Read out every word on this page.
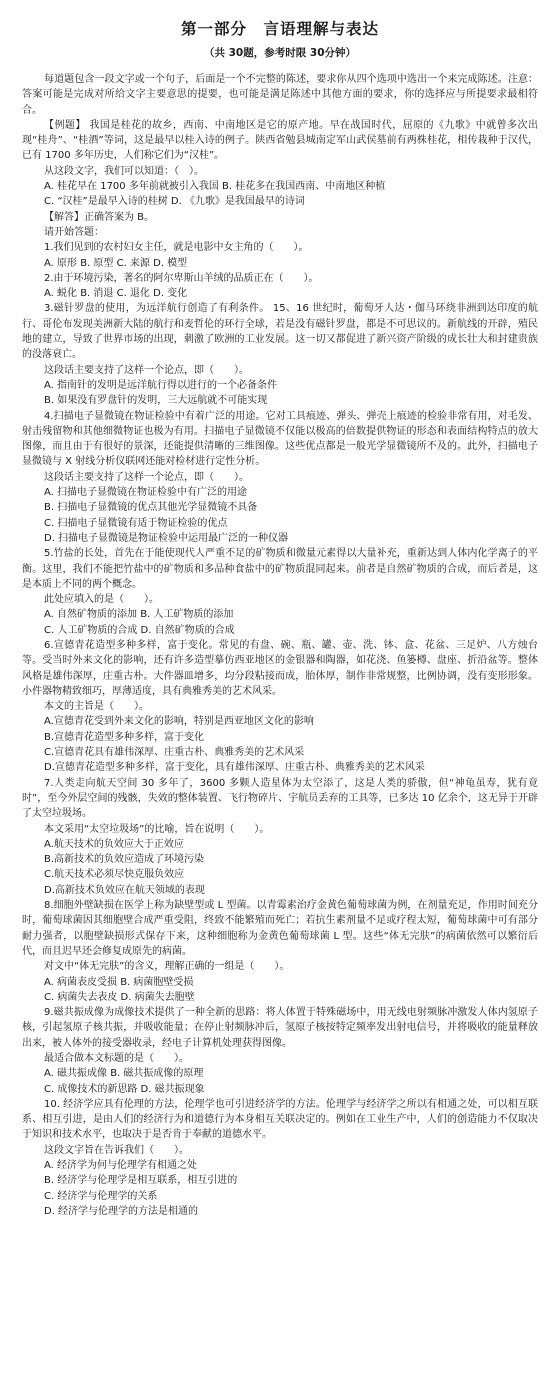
第一部分　言语理解与表达
（共 30题，参考时限 30分钟）

每道题包含一段文字或一个句子，后面是一个不完整的陈述，要求你从四个选项中选出一个来完成陈述。注意：答案可能是完成对所给文字主要意思的提要，也可能是满足陈述中其他方面的要求，你的选择应与所提要求最相符合。

【例题】 我国是桂花的故乡，西南、中南地区是它的原产地。早在战国时代，屈原的《九歌》中就曾多次出现“桂舟”、“桂酒”等词，这是最早以桂入诗的例子。陕西省勉县城南定军山武侯墓前有两株桂花，相传栽种于汉代，已有 1700 多年历史，人们称它们为“汉桂”。

从这段文字，我们可以知道：（　）。

A. 桂花早在 1700 多年前就被引入我国 B. 桂花多在我国西南、中南地区种植

C. “汉桂”是最早入诗的桂树 D. 《九歌》是我国最早的诗词

【解答】正确答案为 B。

请开始答题：

1.我们见到的农村妇女主任，就是电影中女主角的（　　）。

A. 原形 B. 原型 C. 来源 D. 模型

2.由于环境污染，著名的阿尔卑斯山羊绒的品质正在（　　）。

A. 蜕化 B. 消退 C. 退化 D. 变化

3.磁针罗盘的使用，为远洋航行创造了有利条件。 15、16 世纪时，葡萄牙人达・伽马环绕非洲到达印度的航行、哥伦布发现美洲新大陆的航行和麦哲伦的环行全球，若是没有磁针罗盘，都是不可思议的。新航线的开辟，殖民地的建立，导致了世界市场的出现，刺激了欧洲的工业发展。这一切又都促进了新兴资产阶级的成长壮大和封建贵族的没落衰亡。

这段话主要支持了这样一个论点，即（　　）。

A. 指南针的发明是远洋航行得以进行的一个必备条件

B. 如果没有罗盘针的发明，三大远航就不可能实现

4.扫描电子显微镜在物证检验中有着广泛的用途。它对工具痕迹、弹头、弹壳上痕迹的检验非常有用，对毛发、射击残留物和其他细微物证也极为有用。扫描电子显微镜不仅能以极高的倍数提供物证的形态和表面结构特点的放大图像，而且由于有很好的景深，还能提供清晰的三维图像。这些优点都是一般光学显微镜所不及的。此外，扫描电子显微镜与 X 射线分析仪联网还能对检材进行定性分析。

这段话主要支持了这样一个论点，即（　　）。

A. 扫描电子显微镜在物证检验中有广泛的用途

B. 扫描电子显微镜的优点其他光学显微镜不具备

C. 扫描电子显微镜有适于物证检验的优点

D. 扫描电子显微镜是物证检验中运用最广泛的一种仪器

5.竹盐的长处，首先在于能使现代人严重不足的矿物质和微量元素得以大量补充，重新达到人体内化学离子的平衡。这里，我们不能把竹盐中的矿物质和多品种食盐中的矿物质混同起来。前者是自然矿物质的合成，而后者是，这是本质上不同的两个概念。

此处应填入的是（　　）。

A. 自然矿物质的添加 B. 人工矿物质的添加

C. 人工矿物质的合成 D. 自然矿物质的合成

6.宣德青花造型多种多样，富于变化。常见的有盘、碗、瓶、罐、壶、洗、钵、盒、花盆、三足炉、八方烛台等。受当时外来文化的影响，还有许多造型摹仿西亚地区的金银器和陶器，如花浇、鱼篓樽、盘座、折沿盆等。整体风格是雄伟深厚，庄重古朴。大件器皿增多，均分段粘接而成，胎体厚，制作非常规整，比例协调，没有变形形象。小件器物精致细巧，厚薄适度，具有典雅秀美的艺术风采。

本文的主旨是（　　）。

A.宣德青花受到外来文化的影响，特别是西亚地区文化的影响

B.宣德青花造型多种多样，富于变化

C.宣德青花具有雄伟深厚、庄重古朴、典雅秀美的艺术风采

D.宣德青花造型多种多样，富于变化，具有雄伟深厚、庄重古朴、典雅秀美的艺术风采

7.人类走向航天空间 30 多年了，3600 多颗人造星体为太空添了，这是人类的骄傲，但“神龟虽寿，犹有竟时”，至今外层空间的残骸，失效的整体装置、飞行物碎片、宇航员丢弃的工具等，已多达 10 亿余个，这无异于开辟了太空垃圾场。

本文采用“太空垃圾场”的比喻，旨在说明（　　）。

A.航天技术的负效应大于正效应

B.高新技术的负效应造成了环境污染

C.航天技术必须尽快克服负效应

D.高新技术负效应在航天领域的表现

8.细胞外壁缺损在医学上称为缺壁型或 L 型菌。以青霉素治疗金黄色葡萄球菌为例，在剂量充足，作用时间充分时，葡萄球菌因其细胞壁合成严重受阻，终致不能繁殖而死亡；若抗生素剂量不足或疗程太短，葡萄球菌中可有部分耐力强者，以胞壁缺损形式保存下来，这种细胞称为金黄色葡萄球菌 L 型。这些“体无完肤”的病菌依然可以繁衍后代，而且迟早还会修复成原先的病菌。

对文中“体无完肤”的含义，理解正确的一组是（　　）。

A. 病菌表皮受损 B. 病菌胞壁受损

C. 病菌失去表皮 D. 病菌失去胞壁

9.磁共振成像为成像技术提供了一种全新的思路：将人体置于特殊磁场中，用无线电射频脉冲激发人体内氢原子核，引起氢原子核共振，并吸收能量；在停止射频脉冲后，氢原子核按特定频率发出射电信号，并将吸收的能量释放出来，被人体外的接受器收录，经电子计算机处理获得图像。

最适合做本文标题的是（　　）。

A. 磁共振成像 B. 磁共振成像的原理

C. 成像技术的新思路 D. 磁共振现象

10. 经济学应具有伦理的方法，伦理学也可引进经济学的方法。伦理学与经济学之所以有相通之处，可以相互联系、相互引进，是由人们的经济行为和道德行为本身相互关联决定的。例如在工业生产中，人们的创造能力不仅取决于知识和技术水平，也取决于是否肯于奉献的道德水平。

这段文字旨在告诉我们（　　）。

A. 经济学为何与伦理学有相通之处

B. 经济学与伦理学是相互联系，相互引进的

C. 经济学与伦理学的关系

D. 经济学与伦理学的方法是相通的
